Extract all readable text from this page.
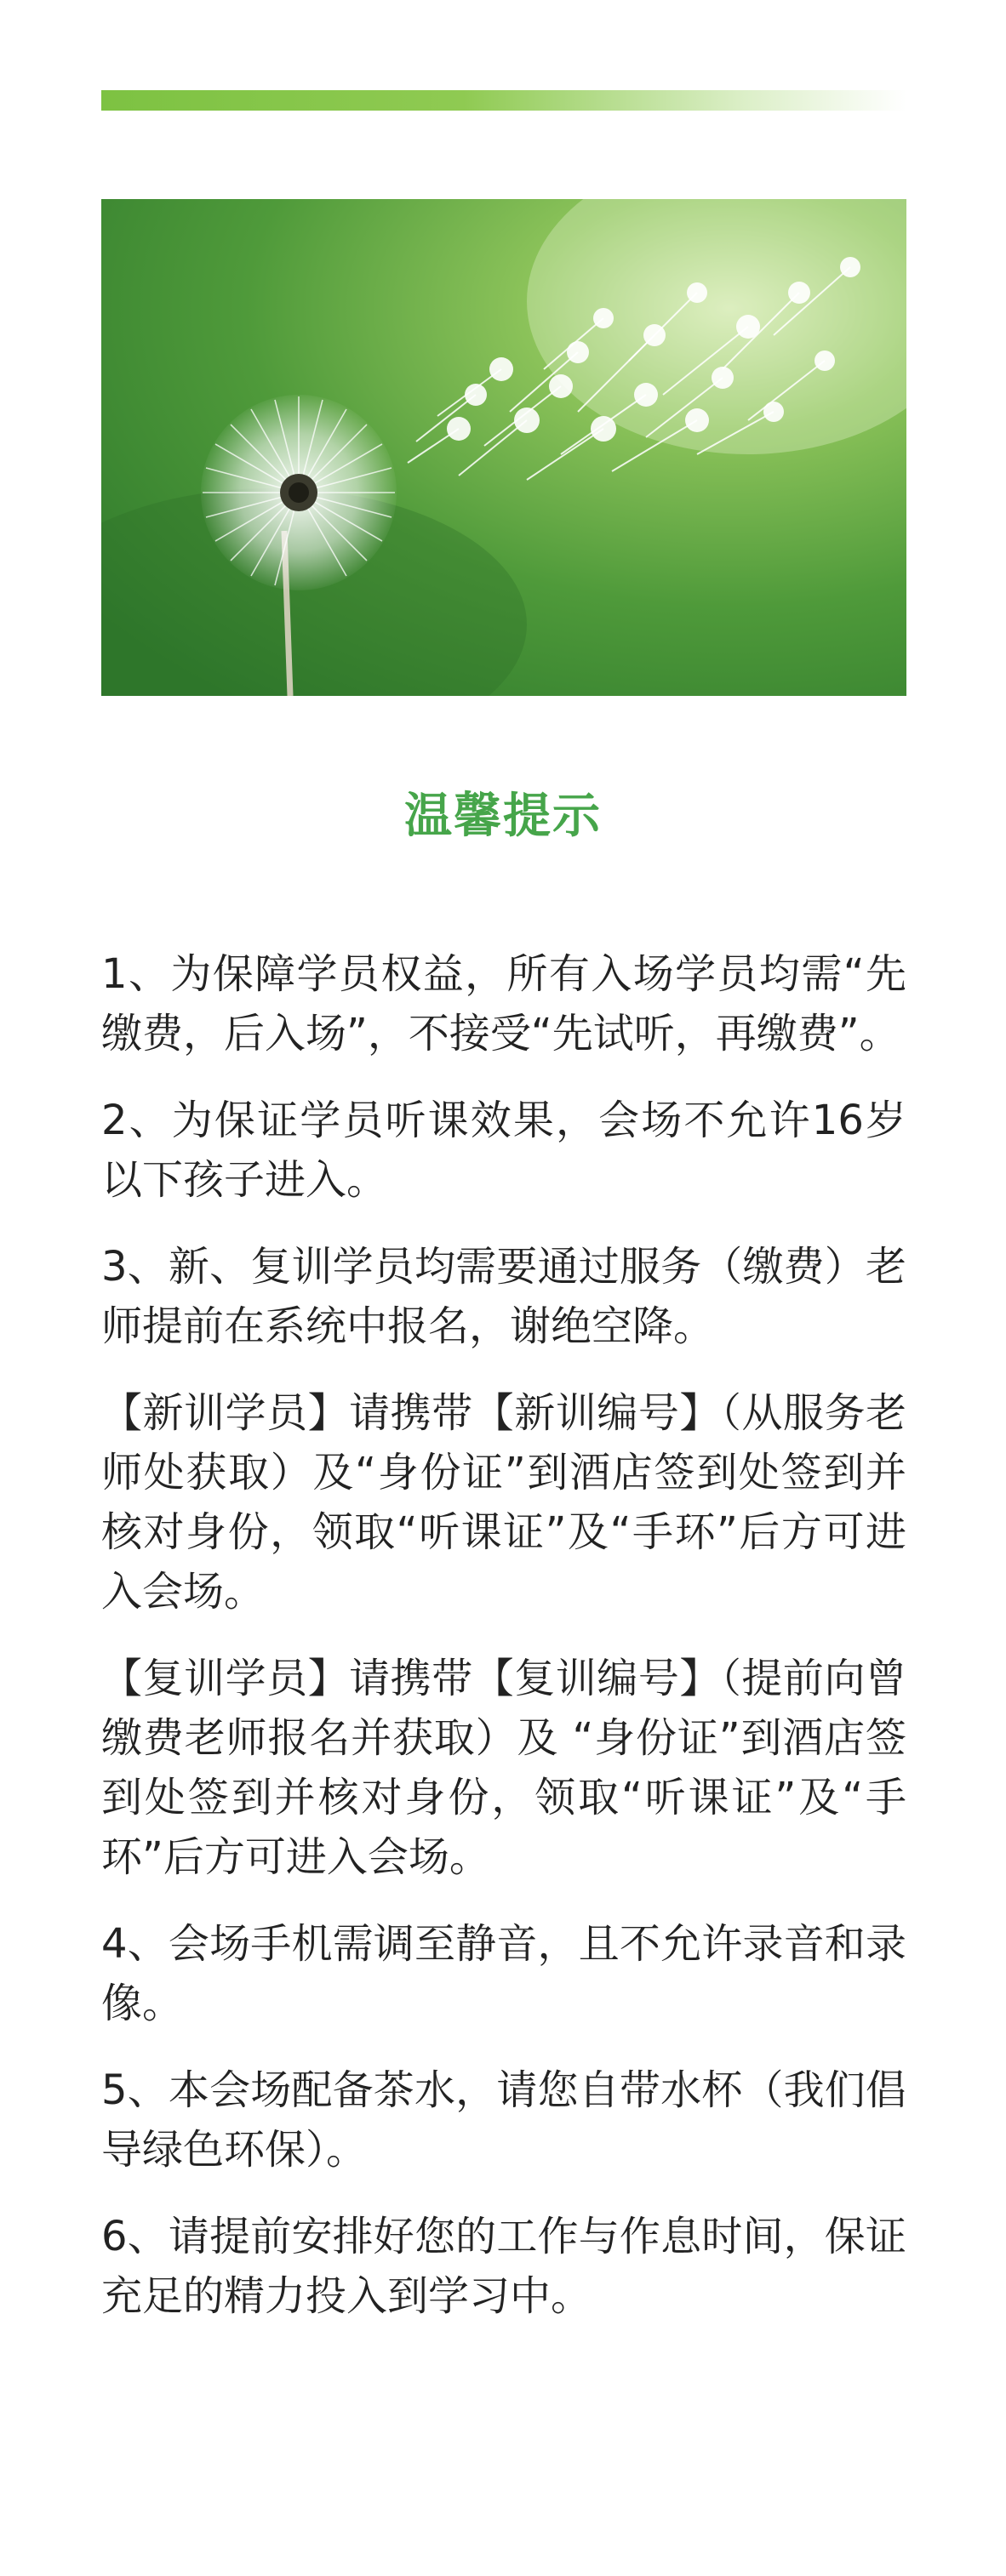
温馨提示

1、为保障学员权益，所有入场学员均需“先缴费，后入场”，不接受“先试听，再缴费”。

2、为保证学员听课效果，会场不允许16岁以下孩子进入。

3、新、复训学员均需要通过服务（缴费）老师提前在系统中报名，谢绝空降。

【新训学员】请携带【新训编号】（从服务老师处获取）及“身份证”到酒店签到处签到并核对身份，领取“听课证”及“手环”后方可进入会场。

【复训学员】请携带【复训编号】（提前向曾缴费老师报名并获取）及 “身份证”到酒店签到处签到并核对身份，领取“听课证”及“手环”后方可进入会场。

4、会场手机需调至静音，且不允许录音和录像。

5、本会场配备茶水，请您自带水杯（我们倡导绿色环保）。

6、请提前安排好您的工作与作息时间，保证充足的精力投入到学习中。
